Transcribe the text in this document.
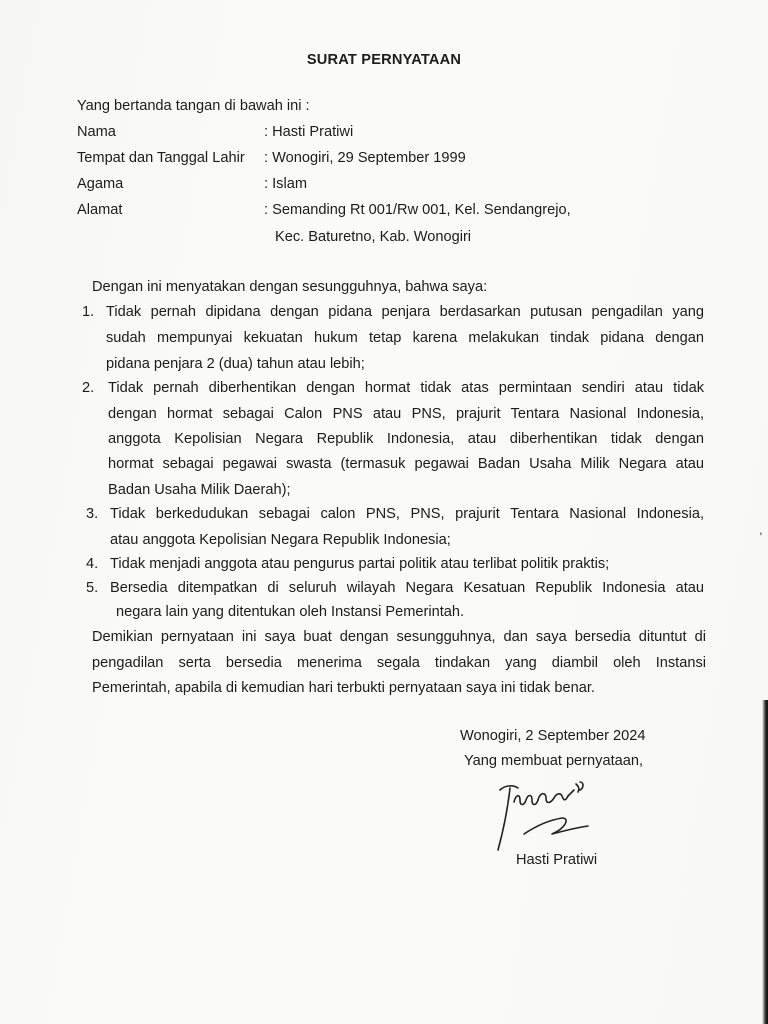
'
SURAT PERNYATAAN
Yang bertanda tangan di bawah ini :
Nama	: Hasti Pratiwi
Tempat dan Tanggal Lahir : Wonogiri, 29 September 1999
Agama	: Islam
Alamat	: Semanding Rt 001/Rw 001, Kel. Sendangrejo,
Kec. Baturetno, Kab. Wonogiri
Dengan ini menyatakan dengan sesungguhnya, bahwa saya:
1. Tidak pernah dipidana dengan pidana penjara berdasarkan putusan pengadilan yang
sudah mempunyai kekuatan hukum tetap karena melakukan tindak pidana dengan
pidana penjara 2 (dua) tahun atau lebih;
2. Tidak pernah diberhentikan dengan hormat tidak atas permintaan sendiri atau tidak
dengan hormat sebagai Calon PNS atau PNS, prajurit Tentara Nasional Indonesia,
anggota Kepolisian Negara Republik Indonesia, atau diberhentikan tidak dengan
hormat sebagai pegawai swasta (termasuk pegawai Badan Usaha Milik Negara atau
Badan Usaha Milik Daerah);
3. Tidak berkedudukan sebagai calon PNS, PNS, prajurit Tentara Nasional Indonesia,
atau anggota Kepolisian Negara Republik Indonesia;
4. Tidak menjadi anggota atau pengurus partai politik atau terlibat politik praktis;
5. Bersedia ditempatkan di seluruh wilayah Negara Kesatuan Republik Indonesia atau
negara lain yang ditentukan oleh Instansi Pemerintah.
Demikian pernyataan ini saya buat dengan sesungguhnya, dan saya bersedia dituntut di
pengadilan serta bersedia menerima segala tindakan yang diambil oleh Instansi
Pemerintah, apabila di kemudian hari terbukti pernyataan saya ini tidak benar.
Wonogiri, 2 September 2024
Yang membuat pernyataan,
Hasti Pratiwi
